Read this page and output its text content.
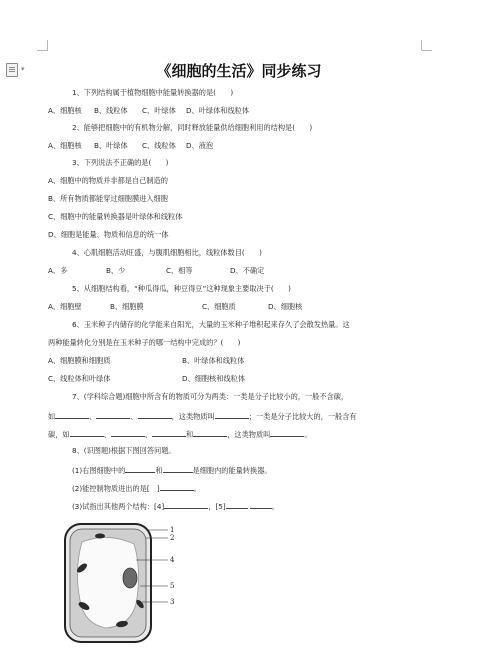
▾	《细胞的生活》同步练习
1、下列结构属于植物细胞中能量转换器的是(　　)
A、细胞核 B、线粒体 C、叶绿体 D、叶绿体和线粒体
2、能够把细胞中的有机物分解，同时释放能量供给细胞利用的结构是(　　)
A、细胞核 B、叶绿体 C、线粒体 D、液泡
3、下列说法不正确的是(　　)
A、细胞中的物质并非都是自己制造的
B、所有物质都能穿过细胞膜进入细胞
C、细胞中的能量转换器是叶绿体和线粒体
D、细胞是能量、物质和信息的统一体
4、心肌细胞活动旺盛，与腹肌细胞相比，线粒体数目(　　)
A、多	B、少	C、相等	D、不确定
5、从细胞结构看，“种瓜得瓜，种豆得豆”这种现象主要取决于(　　)
A、细胞壁	B、细胞膜	C、细胞质	D、细胞核
6、玉米种子内储存的化学能来自阳光，大量的玉米种子堆积起来存久了会散发热量。这
两种能量转化分别是在玉米种子的哪一结构中完成的？(　　)
A、细胞膜和细胞质	B、叶绿体和线粒体
C、线粒体和叶绿体	D、细胞核和线粒体
7、(学科综合题)细胞中所含有的物质可分为两类：一类是分子比较小的，一般不含碳，
如	、	、	，这类物质叫	；一类是分子比较大的，一般含有
碳，如	、	、	和	，这类物质叫	。
8、(识图题)根据下图回答问题。
(1)右图细胞中的	和	是细胞内的能量转换器。
(2)能控制物质进出的是[　]	。
(3)试指出其他两个结构：[4]	，[5]	。
1
2
4
5
3
